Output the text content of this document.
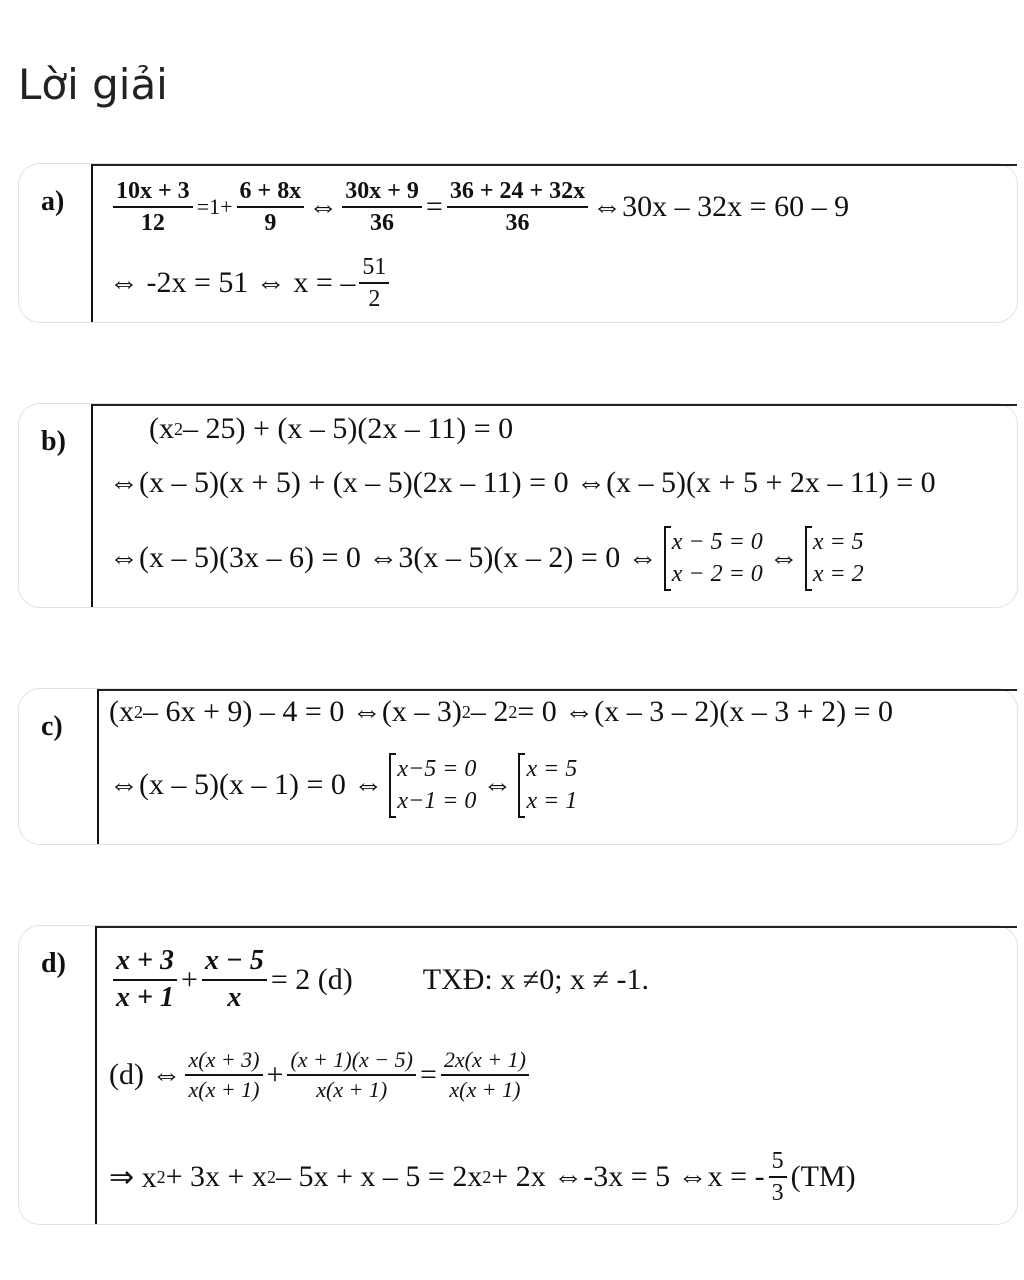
Lời giải
$a) \frac{10x + 3}{12} =1+ \frac{6 + 8x}{9}$ ⇔ $\frac{30x + 9}{36} = \frac{36 + 24 + 32x}{36}$ ⇔30x – 32x = 60 – 9
⇔ -2x = 51 ⇔ x = – $\frac{51}{2}$
b)	(x 2 – 25) + (x – 5)(2x – 11) = 0
⇔(x – 5)(x + 5) + (x – 5)(2x – 11) = 0 ⇔(x – 5)(x + 5 + 2x – 11) = 0
⇔(x – 5)(3x – 6) = 0 ⇔3(x – 5)(x – 2) = 0 ⇔ x − 5 = 0
x − 2 = 0 ⇔ x = 5
x = 2
c) (x 2 – 6x + 9) – 4 = 0 ⇔(x – 3) 2 – 2 2 = 0 ⇔(x – 3 – 2)(x – 3 + 2) = 0
⇔(x – 5)(x – 1) = 0 ⇔ x−5 = 0
x−1 = 0 ⇔ x = 5
x = 1
$d) \frac{x + 3}{x + 1} + \frac{x - 5}{x} = 2$ (d) TXĐ: x ≠0; x ≠ -1.
(d) ⇔ $\frac{x(x + 3)}{x(x + 1)} + \frac{(x + 1)(x - 5)}{x(x + 1)} = \frac{2x(x + 1)}{x(x + 1)}$
⇒ x 2 + 3x + x 2 – 5x + x – 5 = 2x 2 + 2x ⇔-3x = 5 ⇔x = - $\frac{5}{3} (TM)$
